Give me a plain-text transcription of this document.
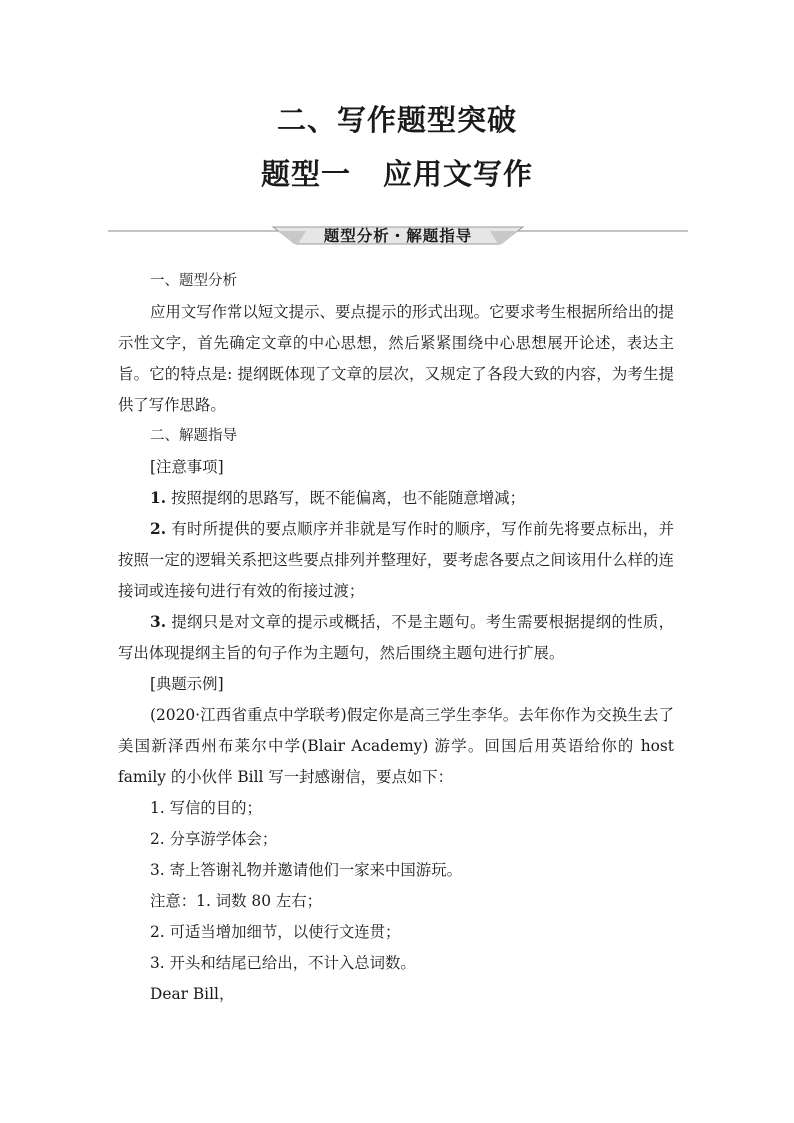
二、写作题型突破
题型一 应用文写作
题型分析・解题指导

一、题型分析

应用文写作常以短文提示、要点提示的形式出现。它要求考生根据所给出的提示性文字，首先确定文章的中心思想，然后紧紧围绕中心思想展开论述，表达主旨。它的特点是: 提纲既体现了文章的层次，又规定了各段大致的内容，为考生提供了写作思路。

二、解题指导

[注意事项]

1. 按照提纲的思路写，既不能偏离，也不能随意增减；

2. 有时所提供的要点顺序并非就是写作时的顺序，写作前先将要点标出，并按照一定的逻辑关系把这些要点排列并整理好，要考虑各要点之间该用什么样的连接词或连接句进行有效的衔接过渡；

3. 提纲只是对文章的提示或概括，不是主题句。考生需要根据提纲的性质，写出体现提纲主旨的句子作为主题句，然后围绕主题句进行扩展。

[典题示例]

(2020·江西省重点中学联考)假定你是高三学生李华。去年你作为交换生去了美国新泽西州布莱尔中学(Blair Academy) 游学。回国后用英语给你的 host family 的小伙伴 Bill 写一封感谢信，要点如下：

1. 写信的目的；

2. 分享游学体会；

3. 寄上答谢礼物并邀请他们一家来中国游玩。

注意：1. 词数 80 左右；

2. 可适当增加细节，以使行文连贯；

3. 开头和结尾已给出，不计入总词数。

Dear Bill，
